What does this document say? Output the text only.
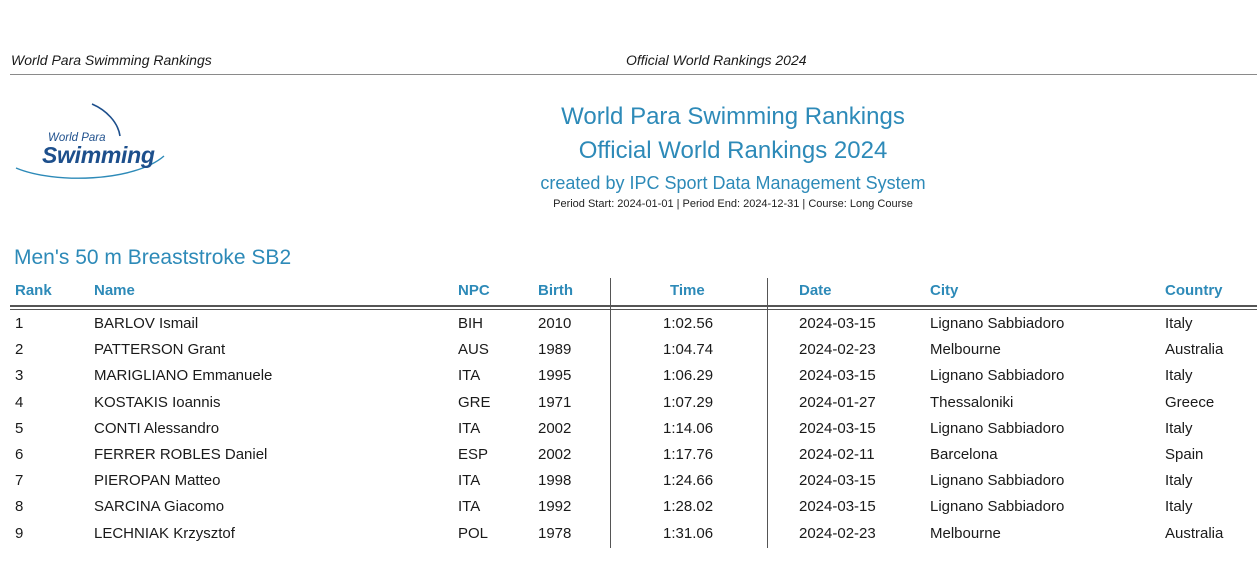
World Para Swimming Rankings	Official World Rankings 2024
World Para
Swimming
World Para Swimming Rankings
Official World Rankings 2024
created by IPC Sport Data Management System
Period Start: 2024-01-01 | Period End: 2024-12-31 | Course: Long Course
Men's 50 m Breaststroke SB2
Rank	Name	NPC	Birth	Time	Date	City	Country
1	BARLOV Ismail	BIH	2010	1:02.56	2024-03-15	Lignano Sabbiadoro	Italy
2	PATTERSON Grant	AUS	1989	1:04.74	2024-02-23	Melbourne	Australia
3	MARIGLIANO Emmanuele	ITA	1995	1:06.29	2024-03-15	Lignano Sabbiadoro	Italy
4	KOSTAKIS Ioannis	GRE	1971	1:07.29	2024-01-27	Thessaloniki	Greece
5	CONTI Alessandro	ITA	2002	1:14.06	2024-03-15	Lignano Sabbiadoro	Italy
6	FERRER ROBLES Daniel	ESP	2002	1:17.76	2024-02-11	Barcelona	Spain
7	PIEROPAN Matteo	ITA	1998	1:24.66	2024-03-15	Lignano Sabbiadoro	Italy
8	SARCINA Giacomo	ITA	1992	1:28.02	2024-03-15	Lignano Sabbiadoro	Italy
9	LECHNIAK Krzysztof	POL	1978	1:31.06	2024-02-23	Melbourne	Australia
